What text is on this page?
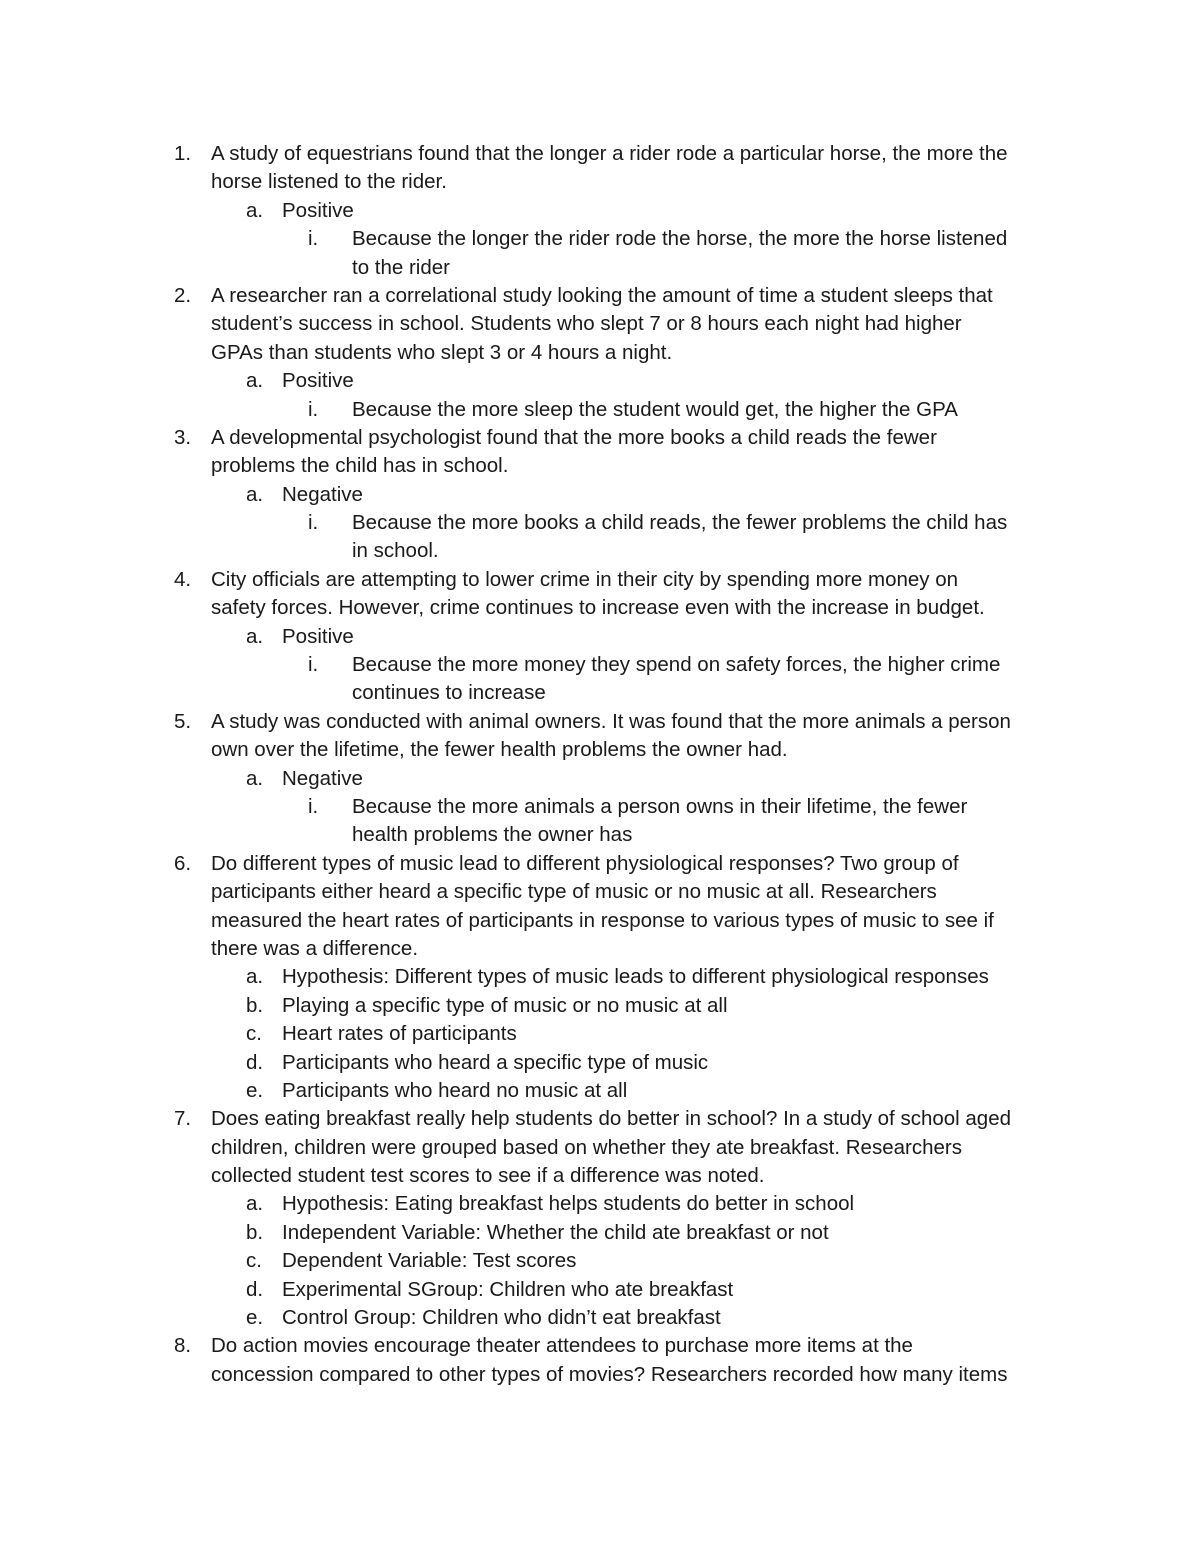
1. A study of equestrians found that the longer a rider rode a particular horse, the more the
horse listened to the rider.
a. Positive
i. Because the longer the rider rode the horse, the more the horse listened
to the rider
2. A researcher ran a correlational study looking the amount of time a student sleeps that
student’s success in school. Students who slept 7 or 8 hours each night had higher
GPAs than students who slept 3 or 4 hours a night.
a. Positive
i. Because the more sleep the student would get, the higher the GPA
3. A developmental psychologist found that the more books a child reads the fewer
problems the child has in school.
a. Negative
i. Because the more books a child reads, the fewer problems the child has
in school.
4. City officials are attempting to lower crime in their city by spending more money on
safety forces. However, crime continues to increase even with the increase in budget.
a. Positive
i. Because the more money they spend on safety forces, the higher crime
continues to increase
5. A study was conducted with animal owners. It was found that the more animals a person
own over the lifetime, the fewer health problems the owner had.
a. Negative
i. Because the more animals a person owns in their lifetime, the fewer
health problems the owner has
6. Do different types of music lead to different physiological responses? Two group of
participants either heard a specific type of music or no music at all. Researchers
measured the heart rates of participants in response to various types of music to see if
there was a difference.
a. Hypothesis: Different types of music leads to different physiological responses
b. Playing a specific type of music or no music at all
c. Heart rates of participants
d. Participants who heard a specific type of music
e. Participants who heard no music at all
7. Does eating breakfast really help students do better in school? In a study of school aged
children, children were grouped based on whether they ate breakfast. Researchers
collected student test scores to see if a difference was noted.
a. Hypothesis: Eating breakfast helps students do better in school
b. Independent Variable: Whether the child ate breakfast or not
c. Dependent Variable: Test scores
d. Experimental SGroup: Children who ate breakfast
e. Control Group: Children who didn’t eat breakfast
8. Do action movies encourage theater attendees to purchase more items at the
concession compared to other types of movies? Researchers recorded how many items
